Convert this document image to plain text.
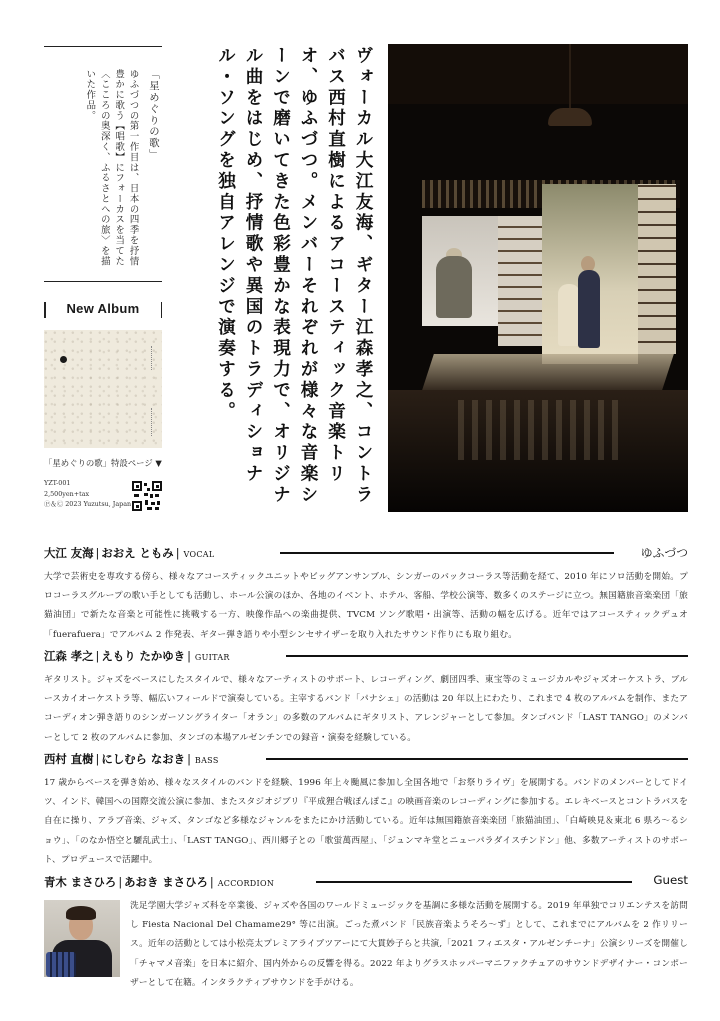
ヴォーカル大江友海、ギター江森孝之、コントラバス西村直樹によるアコースティック音楽トリオ、ゆふづつ。メンバーそれぞれが様々な音楽シーンで磨いてきた色彩豊かな表現力で、オリジナル曲をはじめ、抒情歌や異国のトラディショナル・ソングを独自アレンジで演奏する。
「星めぐりの歌」

ゆふづつの第一作目は、日本の四季を抒情豊かに歌う【唱歌】にフォーカスを当てた〈こころの奥深く、ふるさとへの旅〉を描いた作品。

New Album
「星めぐりの歌」特設ページ ▼
YZT-001
2,500yen+tax
Ⓟ＆Ⓒ 2023 Yuzutsu, Japan
大江 友海 | おおえ ともみ | VOCAL	ゆふづつ
大学で芸術史を専攻する傍ら、様々なアコースティックユニットやビッグアンサンブル、シンガーのバックコーラス等活動を経て、2010 年にソロ活動を開始。プロコーラスグループの歌い手としても活動し、ホール公演のほか、各地のイベント、ホテル、客船、学校公演等、数多くのステージに立つ。無国籍旅音楽楽団「旅猫油団」で新たな音楽と可能性に挑戦する一方、映像作品への楽曲提供、TVCM ソング歌唱・出演等、活動の幅を広げる。近年ではアコースティックデュオ「fuerafuera」でアルバム 2 作発表、ギター弾き語りや小型シンセサイザーを取り入れたサウンド作りにも取り組む。
江森 孝之 | えもり たかゆき | GUITAR
ギタリスト。ジャズをベースにしたスタイルで、様々なアーティストのサポート、レコーディング、劇団四季、東宝等のミュージカルやジャズオーケストラ、ブルースカイオーケストラ等、幅広いフィールドで演奏している。主宰するバンド「パナシェ」の活動は 20 年以上にわたり、これまで 4 枚のアルバムを制作、またアコーディオン弾き語りのシンガーソングライター「オラン」の多数のアルバムにギタリスト、アレンジャーとして参加。タンゴバンド「LAST TANGO」のメンバーとして 2 枚のアルバムに参加、タンゴの本場アルゼンチンでの録音・演奏を経験している。
西村 直樹 | にしむら なおき | BASS
17 歳からベースを弾き始め、様々なスタイルのバンドを経験、1996 年上々颱風に参加し全国各地で「お祭りライヴ」を展開する。バンドのメンバーとしてドイツ、インド、韓国への国際交流公演に参加、またスタジオジブリ『平成狸合戦ぽんぽこ』の映画音楽のレコーディングに参加する。エレキベースとコントラバスを自在に操り、アラブ音楽、ジャズ、タンゴなど多様なジャンルをまたにかけ活動している。近年は無国籍旅音楽楽団「旅猫油団」、「白崎映見＆東北 6 県ろ〜るショウ」、「のなか悟空と驪乱武士」、「LAST TANGO」、西川郷子との「歌蛍萬西屋」、「ジュンマキ堂とニューパラダイスチンドン」他、多数アーティストのサポート、プロデュースで活躍中。
青木 まさひろ | あおき まさひろ | ACCORDION	Guest
洗足学園大学ジャズ科を卒業後、ジャズや各国のワールドミュージックを基調に多様な活動を展開する。2019 年単独でコリエンテスを訪問し Fiesta Nacional Del Chamame29° 等に出演。ごった煮バンド「民族音楽ようそろ〜ず」として、これまでにアルバムを 2 作リリース。近年の活動としては小松亮太プレミアライブツアーにて大貫妙子らと共演,「2021 フィエスタ・アルゼンチーナ」公演シリーズを開催し「チャマメ音楽」を日本に紹介、国内外からの反響を得る。2022 年よりグラスホッパーマニファクチュアのサウンドデザイナー・コンポーザーとして在籍。インタラクティブサウンドを手がける。
